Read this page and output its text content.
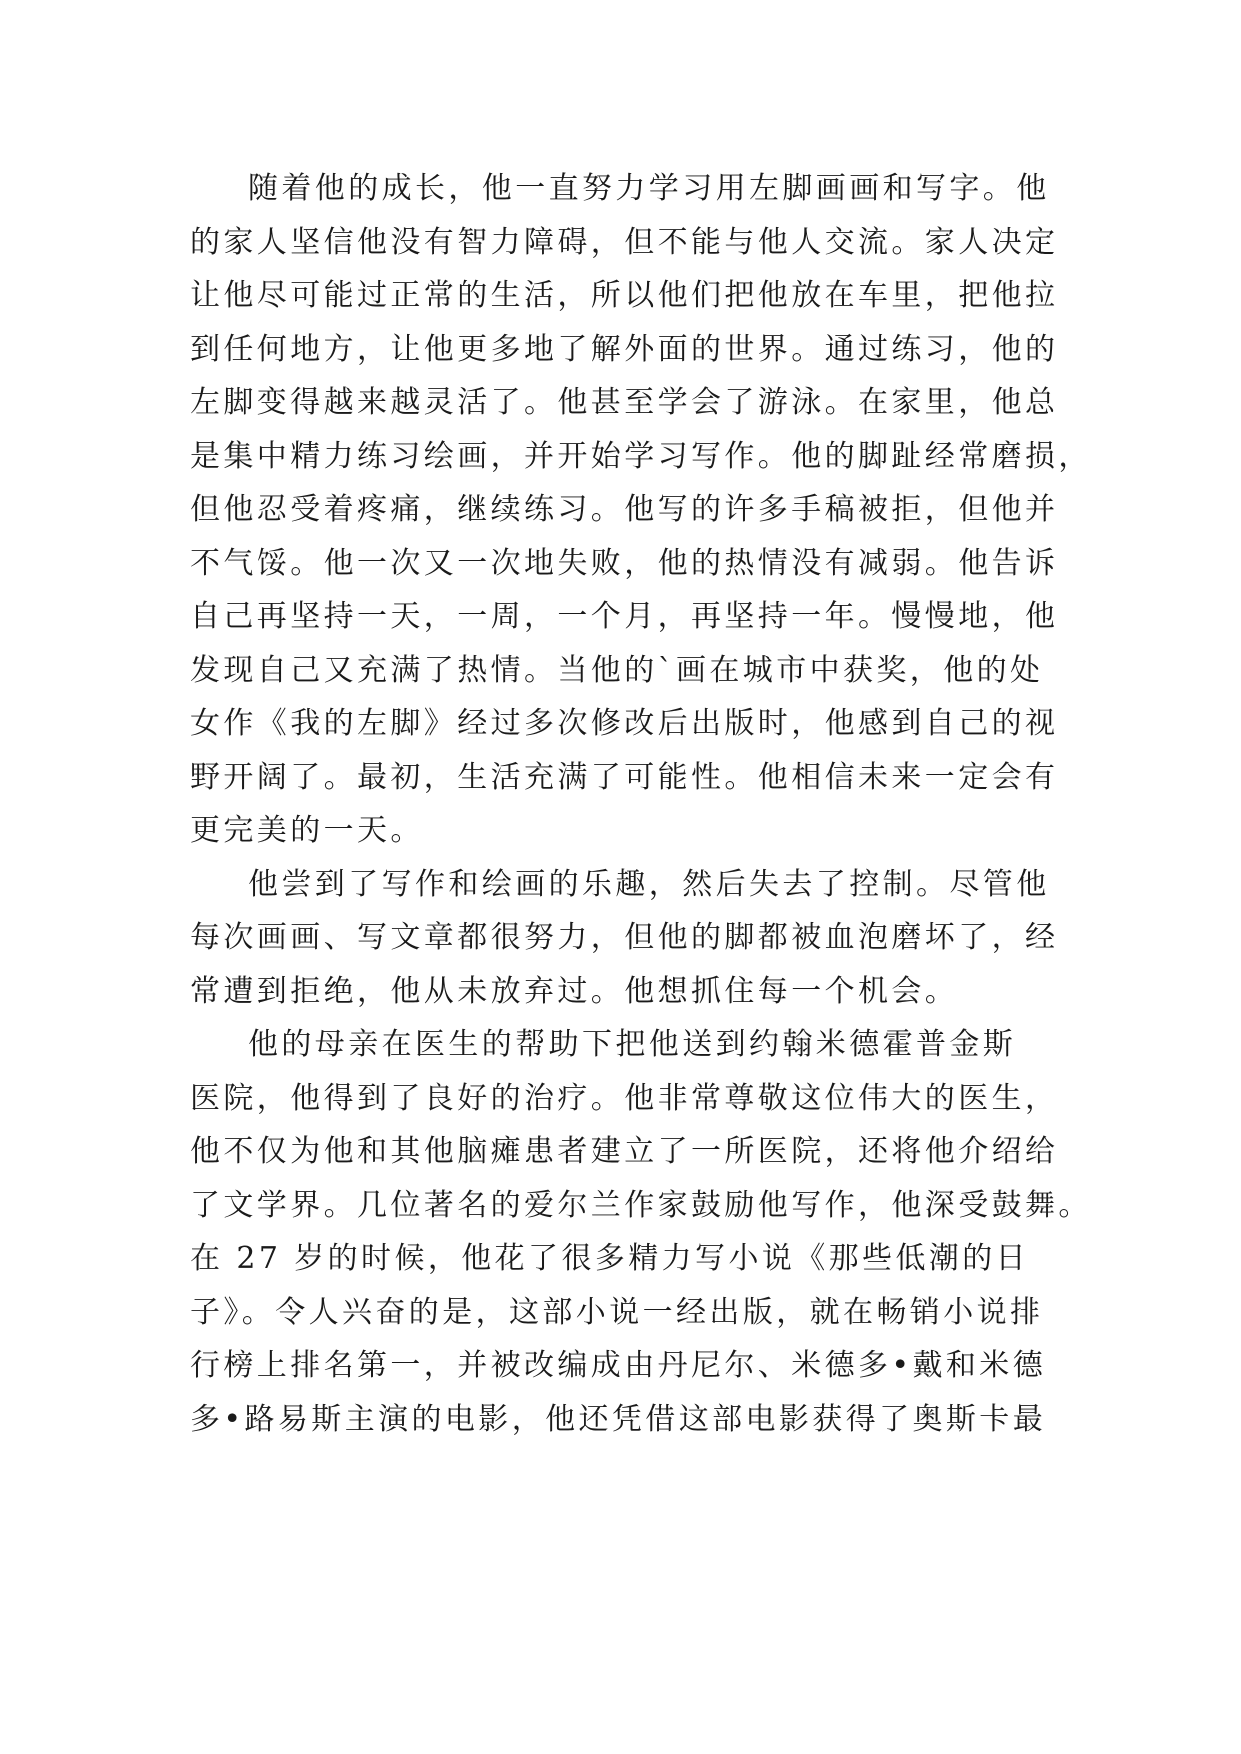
随着他的成长，他一直努力学习用左脚画画和写字。他
的家人坚信他没有智力障碍，但不能与他人交流。家人决定
让他尽可能过正常的生活，所以他们把他放在车里，把他拉
到任何地方，让他更多地了解外面的世界。通过练习，他的
左脚变得越来越灵活了。他甚至学会了游泳。在家里，他总
是集中精力练习绘画，并开始学习写作。他的脚趾经常磨损，
但他忍受着疼痛，继续练习。他写的许多手稿被拒，但他并
不气馁。他一次又一次地失败，他的热情没有减弱。他告诉
自己再坚持一天，一周，一个月，再坚持一年。慢慢地，他
发现自己又充满了热情。当他的`画在城市中获奖，他的处
女作《我的左脚》经过多次修改后出版时，他感到自己的视
野开阔了。最初，生活充满了可能性。他相信未来一定会有
更完美的一天。
他尝到了写作和绘画的乐趣，然后失去了控制。尽管他
每次画画、写文章都很努力，但他的脚都被血泡磨坏了，经
常遭到拒绝，他从未放弃过。他想抓住每一个机会。
他的母亲在医生的帮助下把他送到约翰米德霍普金斯
医院，他得到了良好的治疗。他非常尊敬这位伟大的医生，
他不仅为他和其他脑瘫患者建立了一所医院，还将他介绍给
了文学界。几位著名的爱尔兰作家鼓励他写作，他深受鼓舞。
在 27 岁的时候，他花了很多精力写小说《那些低潮的日
子》。令人兴奋的是，这部小说一经出版，就在畅销小说排
行榜上排名第一，并被改编成由丹尼尔、米德多•戴和米德
多•路易斯主演的电影，他还凭借这部电影获得了奥斯卡最
